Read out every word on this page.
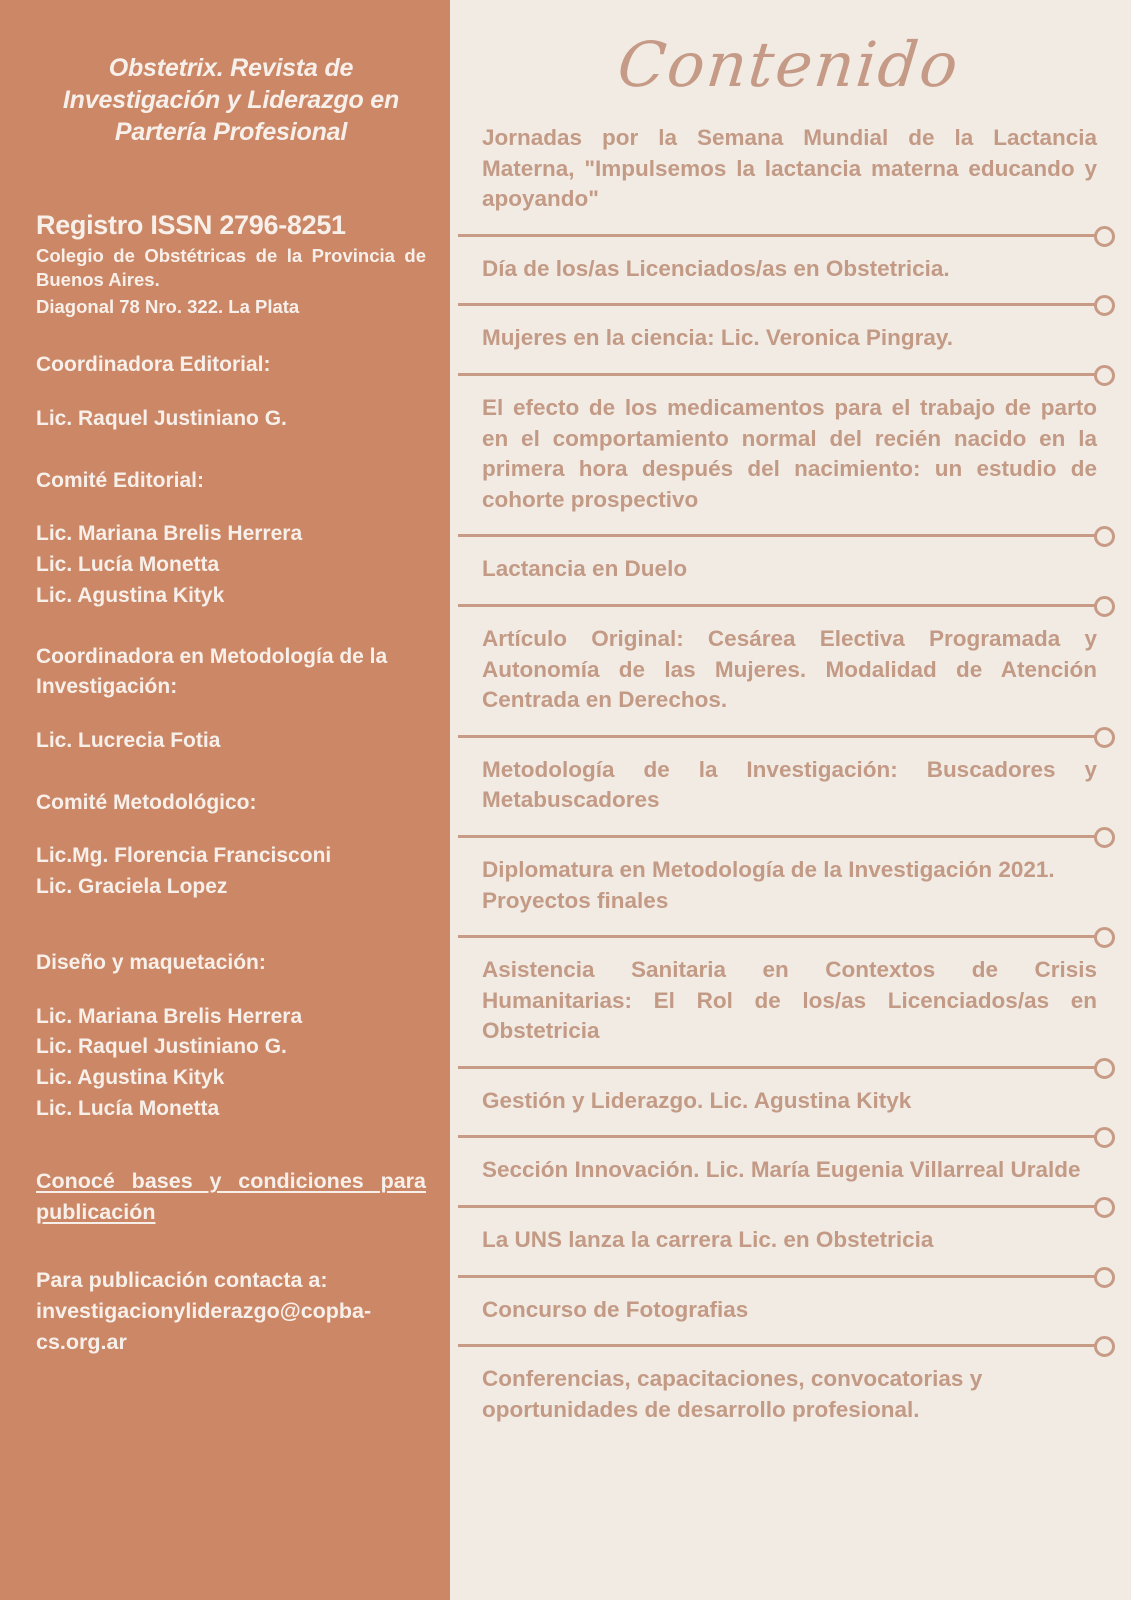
Obstetrix. Revista de Investigación y Liderazgo en Partería Profesional
Registro ISSN 2796-8251
Colegio de Obstétricas de la Provincia de Buenos Aires.
Diagonal 78 Nro. 322. La Plata
Coordinadora Editorial:
Lic. Raquel Justiniano G.
Comité Editorial:
Lic. Mariana Brelis Herrera
Lic. Lucía Monetta
Lic. Agustina Kityk
Coordinadora en Metodología de la Investigación:
Lic. Lucrecia Fotia
Comité Metodológico:
Lic.Mg. Florencia Francisconi
Lic. Graciela Lopez
Diseño y maquetación:
Lic. Mariana Brelis Herrera
Lic. Raquel Justiniano G.
Lic. Agustina Kityk
Lic. Lucía Monetta
Conocé bases y condiciones para publicación
Para publicación contacta a:
investigacionyliderazgo@copba-cs.org.ar
Contenido

Jornadas por la Semana Mundial de la Lactancia Materna, "Impulsemos la lactancia materna educando y apoyando"

Día de los/as Licenciados/as en Obstetricia.

Mujeres en la ciencia: Lic. Veronica Pingray.

El efecto de los medicamentos para el trabajo de parto en el comportamiento normal del recién nacido en la primera hora después del nacimiento: un estudio de cohorte prospectivo

Lactancia en Duelo

Artículo Original: Cesárea Electiva Programada y Autonomía de las Mujeres. Modalidad de Atención Centrada en Derechos.

Metodología de la Investigación: Buscadores y Metabuscadores

Diplomatura en Metodología de la Investigación 2021. Proyectos finales

Asistencia Sanitaria en Contextos de Crisis Humanitarias: El Rol de los/as Licenciados/as en Obstetricia

Gestión y Liderazgo. Lic. Agustina Kityk

Sección Innovación. Lic. María Eugenia Villarreal Uralde

La UNS lanza la carrera Lic. en Obstetricia

Concurso de Fotografias

Conferencias, capacitaciones, convocatorias y oportunidades de desarrollo profesional.
